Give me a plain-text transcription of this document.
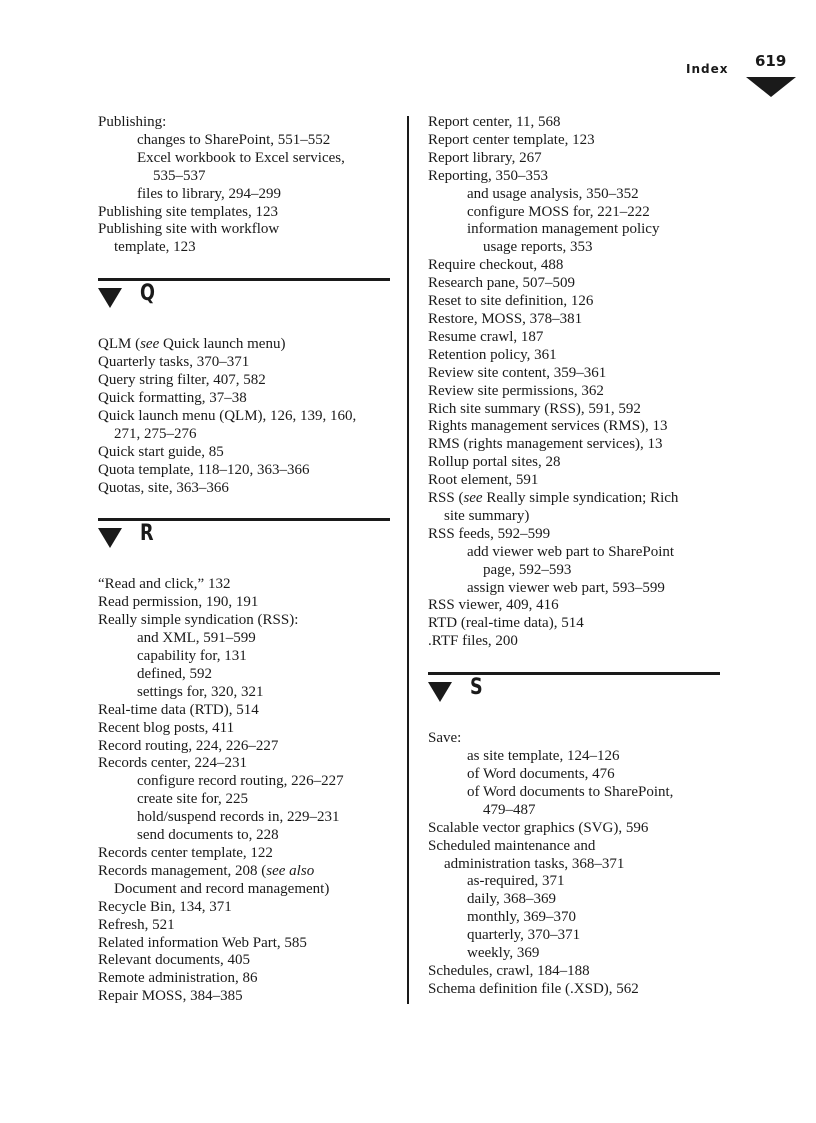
Index 619
Publishing:
changes to SharePoint, 551–552
Excel workbook to Excel services,
535–537
files to library, 294–299
Publishing site templates, 123
Publishing site with workflow
template, 123
Q
QLM (see Quick launch menu)
Quarterly tasks, 370–371
Query string filter, 407, 582
Quick formatting, 37–38
Quick launch menu (QLM), 126, 139, 160,
271, 275–276
Quick start guide, 85
Quota template, 118–120, 363–366
Quotas, site, 363–366
R
“Read and click,” 132
Read permission, 190, 191
Really simple syndication (RSS):
and XML, 591–599
capability for, 131
defined, 592
settings for, 320, 321
Real-time data (RTD), 514
Recent blog posts, 411
Record routing, 224, 226–227
Records center, 224–231
configure record routing, 226–227
create site for, 225
hold/suspend records in, 229–231
send documents to, 228
Records center template, 122
Records management, 208 (see also
Document and record management)
Recycle Bin, 134, 371
Refresh, 521
Related information Web Part, 585
Relevant documents, 405
Remote administration, 86
Repair MOSS, 384–385
Report center, 11, 568
Report center template, 123
Report library, 267
Reporting, 350–353
and usage analysis, 350–352
configure MOSS for, 221–222
information management policy
usage reports, 353
Require checkout, 488
Research pane, 507–509
Reset to site definition, 126
Restore, MOSS, 378–381
Resume crawl, 187
Retention policy, 361
Review site content, 359–361
Review site permissions, 362
Rich site summary (RSS), 591, 592
Rights management services (RMS), 13
RMS (rights management services), 13
Rollup portal sites, 28
Root element, 591
RSS (see Really simple syndication; Rich
site summary)
RSS feeds, 592–599
add viewer web part to SharePoint
page, 592–593
assign viewer web part, 593–599
RSS viewer, 409, 416
RTD (real-time data), 514
.RTF files, 200
S
Save:
as site template, 124–126
of Word documents, 476
of Word documents to SharePoint,
479–487
Scalable vector graphics (SVG), 596
Scheduled maintenance and
administration tasks, 368–371
as-required, 371
daily, 368–369
monthly, 369–370
quarterly, 370–371
weekly, 369
Schedules, crawl, 184–188
Schema definition file (.XSD), 562
